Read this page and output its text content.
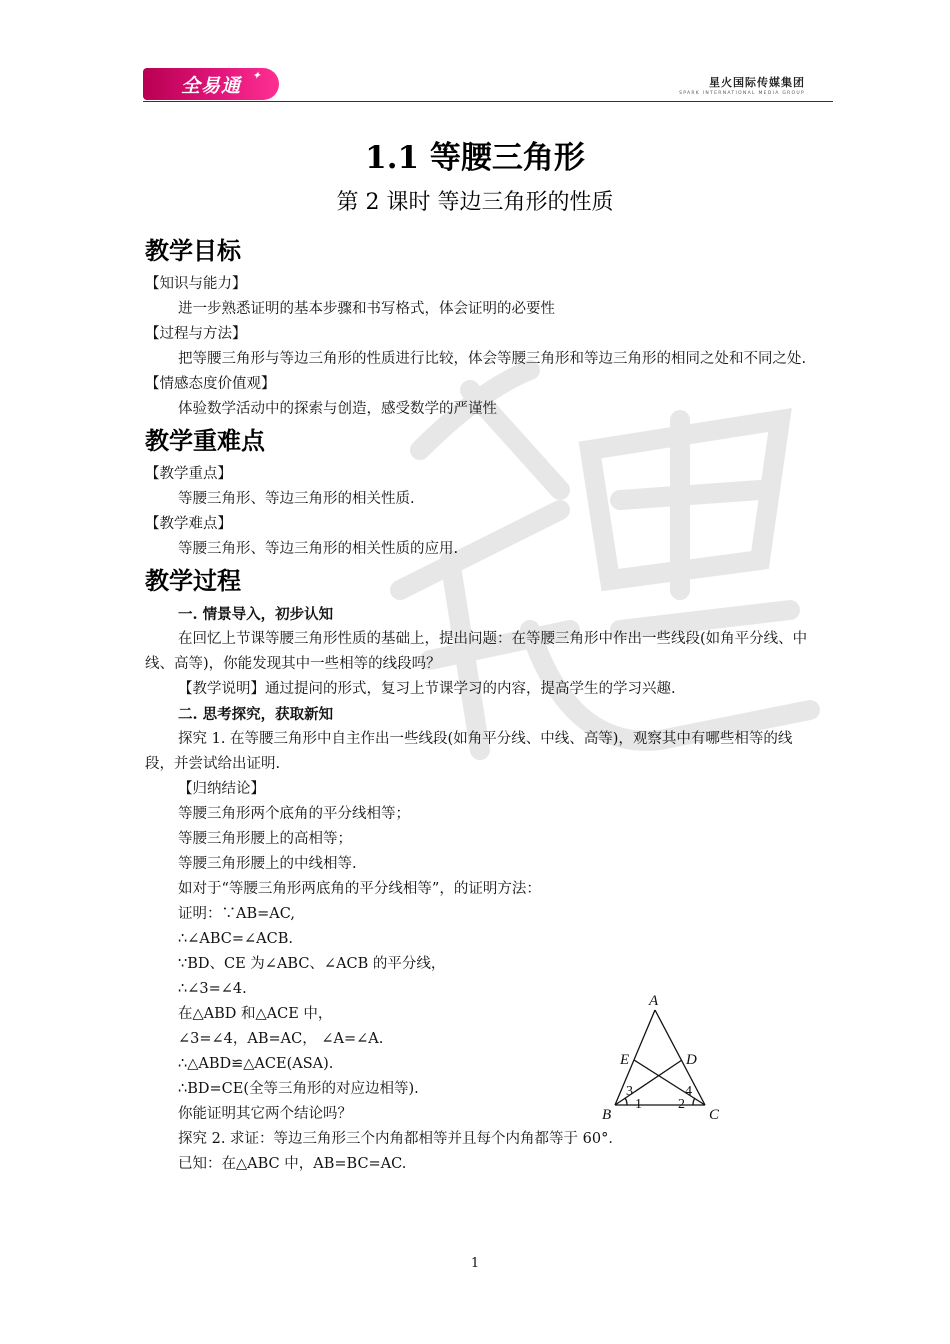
全易通 ✦
星火国际传媒集团
SPARK INTERNATIONAL MEDIA GROUP
1.1 等腰三角形
第 2 课时 等边三角形的性质
教学目标
【知识与能力】
进一步熟悉证明的基本步骤和书写格式，体会证明的必要性
【过程与方法】
把等腰三角形与等边三角形的性质进行比较，体会等腰三角形和等边三角形的相同之处和不同之处.
【情感态度价值观】
体验数学活动中的探索与创造，感受数学的严谨性
教学重难点
【教学重点】
等腰三角形、等边三角形的相关性质.
【教学难点】
等腰三角形、等边三角形的相关性质的应用.
教学过程
一. 情景导入，初步认知
在回忆上节课等腰三角形性质的基础上，提出问题：在等腰三角形中作出一些线段(如角平分线、中线、高等)，你能发现其中一些相等的线段吗？
【教学说明】通过提问的形式，复习上节课学习的内容，提高学生的学习兴趣.
二. 思考探究，获取新知
探究 1. 在等腰三角形中自主作出一些线段(如角平分线、中线、高等)，观察其中有哪些相等的线段，并尝试给出证明.
【归纳结论】
等腰三角形两个底角的平分线相等；
等腰三角形腰上的高相等；
等腰三角形腰上的中线相等.
如对于“等腰三角形两底角的平分线相等”，的证明方法：
证明：∵AB=AC,
∴∠ABC=∠ACB.
∵BD、CE 为∠ABC、∠ACB 的平分线，
∴∠3=∠4.
在△ABD 和△ACE 中，
∠3=∠4，AB=AC， ∠A=∠A.
∴△ABD≌△ACE(ASA).
∴BD=CE(全等三角形的对应边相等).
你能证明其它两个结论吗？
探究 2. 求证：等边三角形三个内角都相等并且每个内角都等于 60°．
已知：在△ABC 中，AB=BC=AC.
A
B	C
D
E
1	2
3	4
1
